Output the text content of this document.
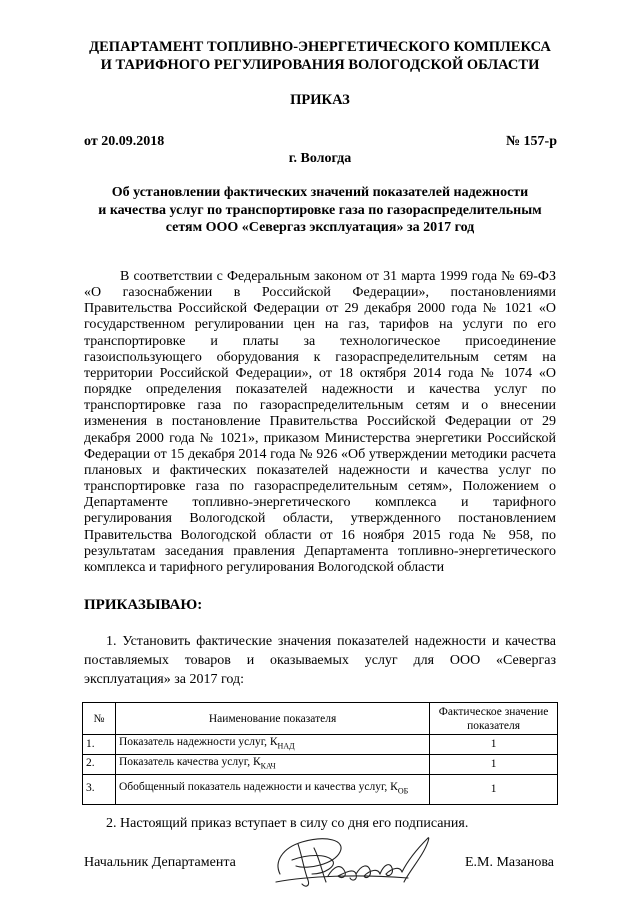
ДЕПАРТАМЕНТ ТОПЛИВНО-ЭНЕРГЕТИЧЕСКОГО КОМПЛЕКСА
И ТАРИФНОГО РЕГУЛИРОВАНИЯ ВОЛОГОДСКОЙ ОБЛАСТИ
ПРИКАЗ
от 20.09.2018	№ 157-р
г. Вологда
Об установлении фактических значений показателей надежности
и качества услуг по транспортировке газа по газораспределительным
сетям ООО «Севергаз эксплуатация» за 2017 год

В соответствии с Федеральным законом от 31 марта 1999 года № 69-ФЗ «О газоснабжении в Российской Федерации», постановлениями Правительства Российской Федерации от 29 декабря 2000 года № 1021 «О государственном регулировании цен на газ, тарифов на услуги по его транспортировке и платы за технологическое присоединение газоиспользующего оборудования к газораспределительным сетям на территории Российской Федерации», от 18 октября 2014 года № 1074 «О порядке определения показателей надежности и качества услуг по транспортировке газа по газораспределительным сетям и о внесении изменения в постановление Правительства Российской Федерации от 29 декабря 2000 года № 1021», приказом Министерства энергетики Российской Федерации от 15 декабря 2014 года № 926 «Об утверждении методики расчета плановых и фактических показателей надежности и качества услуг по транспортировке газа по газораспределительным сетям», Положением о Департаменте топливно-энергетического комплекса и тарифного регулирования Вологодской области, утвержденного постановлением Правительства Вологодской области от 16 ноября 2015 года № 958, по результатам заседания правления Департамента топливно-энергетического комплекса и тарифного регулирования Вологодской области

ПРИКАЗЫВАЮ:

1. Установить фактические значения показателей надежности и качества поставляемых товаров и оказываемых услуг для ООО «Севергаз эксплуатация» за 2017 год:

№	Наименование показателя	Фактическое значение показателя
1.	Показатель надежности услуг, $К_{НАД}$	1
2.	Показатель качества услуг, $К_{КАЧ}$	1
3.	Обобщенный показатель надежности и качества услуг, $К_{ОБ}$	1
2. Настоящий приказ вступает в силу со дня его подписания.
Начальник Департамента	Е.М. Мазанова
